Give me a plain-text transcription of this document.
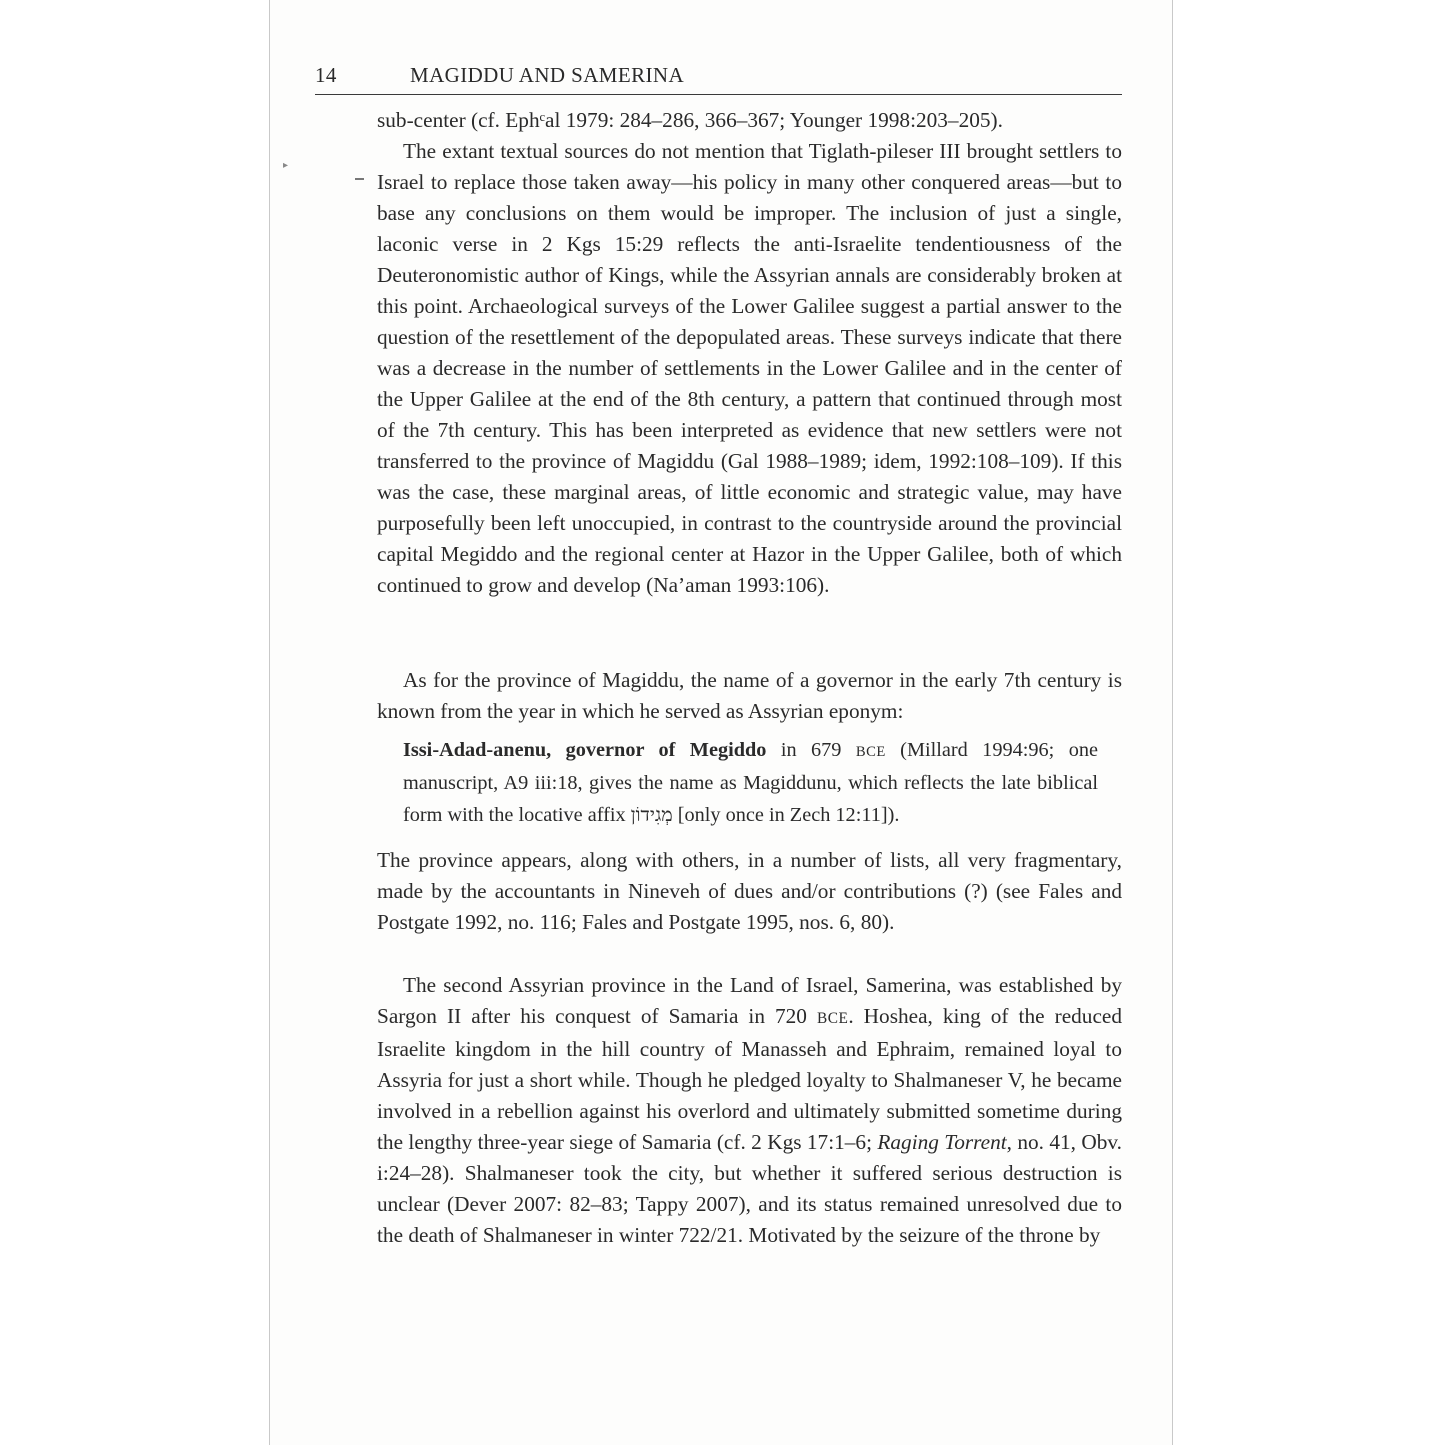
14	MAGIDDU AND SAMERINA
▸

sub-center (cf. Ephᶜal 1979: 284–286, 366–367; Younger 1998:203–205).

The extant textual sources do not mention that Tiglath-pileser III brought settlers to Israel to replace those taken away—his policy in many other conquered areas—but to base any conclusions on them would be improper. The inclusion of just a single, laconic verse in 2 Kgs 15:29 reflects the anti-Israelite tendentiousness of the Deuteronomistic author of Kings, while the Assyrian annals are considerably broken at this point. Archaeological surveys of the Lower Galilee suggest a partial answer to the question of the resettlement of the depopulated areas. These surveys indicate that there was a decrease in the number of settlements in the Lower Galilee and in the center of the Upper Galilee at the end of the 8th century, a pattern that continued through most of the 7th century. This has been interpreted as evidence that new settlers were not transferred to the province of Magiddu (Gal 1988–1989; idem, 1992:108–109). If this was the case, these marginal areas, of little economic and strategic value, may have purposefully been left unoccupied, in contrast to the countryside around the provincial capital Megiddo and the regional center at Hazor in the Upper Galilee, both of which continued to grow and develop (Na’aman 1993:106).

As for the province of Magiddu, the name of a governor in the early 7th century is known from the year in which he served as Assyrian eponym:

Issi-Adad-anenu, governor of Megiddo in 679 BCE (Millard 1994:96; one manuscript, A9 iii:18, gives the name as Magiddunu, which reflects the late biblical form with the locative affix מְגִידוֹן [only once in Zech 12:11]).

The province appears, along with others, in a number of lists, all very fragmentary, made by the accountants in Nineveh of dues and/or contributions (?) (see Fales and Postgate 1992, no. 116; Fales and Postgate 1995, nos. 6, 80).

The second Assyrian province in the Land of Israel, Samerina, was established by Sargon II after his conquest of Samaria in 720 BCE. Hoshea, king of the reduced Israelite kingdom in the hill country of Manasseh and Ephraim, remained loyal to Assyria for just a short while. Though he pledged loyalty to Shalmaneser V, he became involved in a rebellion against his overlord and ultimately submitted sometime during the lengthy three-year siege of Samaria (cf. 2 Kgs 17:1–6; Raging Torrent, no. 41, Obv. i:24–28). Shalmaneser took the city, but whether it suffered serious destruction is unclear (Dever 2007: 82–83; Tappy 2007), and its status remained unresolved due to the death of Shalmaneser in winter 722/21. Motivated by the seizure of the throne by
